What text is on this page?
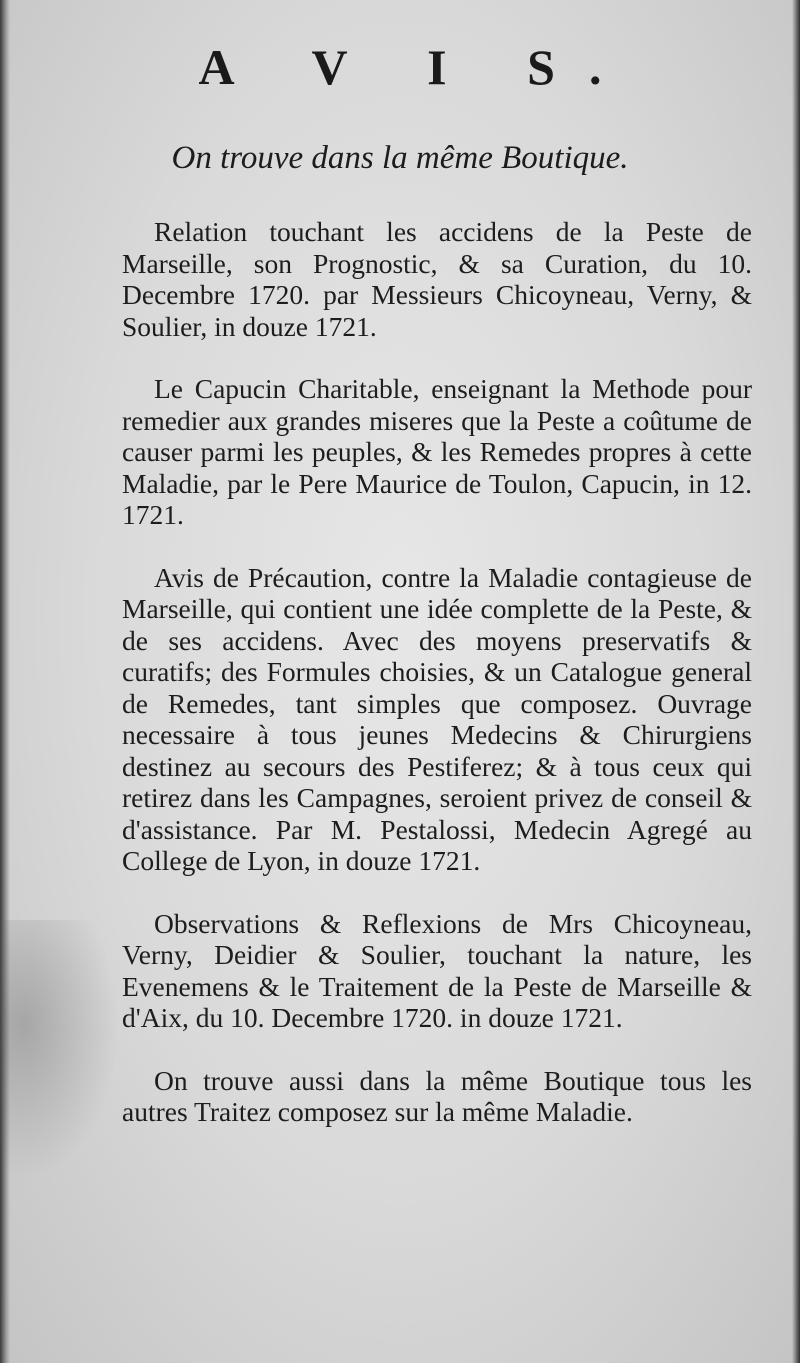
A V I S.
On trouve dans la même Boutique.

Relation touchant les accidens de la Peste de Marseille, son Prognostic, & sa Curation, du 10. Decembre 1720. par Messieurs Chicoyneau, Verny, & Soulier, in douze 1721.

Le Capucin Charitable, enseignant la Methode pour remedier aux grandes miseres que la Peste a coûtume de causer parmi les peuples, & les Remedes propres à cette Maladie, par le Pere Maurice de Toulon, Capucin, in 12. 1721.

Avis de Précaution, contre la Maladie contagieuse de Marseille, qui contient une idée complette de la Peste, & de ses accidens. Avec des moyens preservatifs & curatifs; des Formules choisies, & un Catalogue general de Remedes, tant simples que composez. Ouvrage necessaire à tous jeunes Medecins & Chirurgiens destinez au secours des Pestiferez; & à tous ceux qui retirez dans les Campagnes, seroient privez de conseil & d'assistance. Par M. Pestalossi, Medecin Agregé au College de Lyon, in douze 1721.

Observations & Reflexions de Mrs Chicoyneau, Verny, Deidier & Soulier, touchant la nature, les Evenemens & le Traitement de la Peste de Marseille & d'Aix, du 10. Decembre 1720. in douze 1721.

On trouve aussi dans la même Boutique tous les autres Traitez composez sur la même Maladie.
